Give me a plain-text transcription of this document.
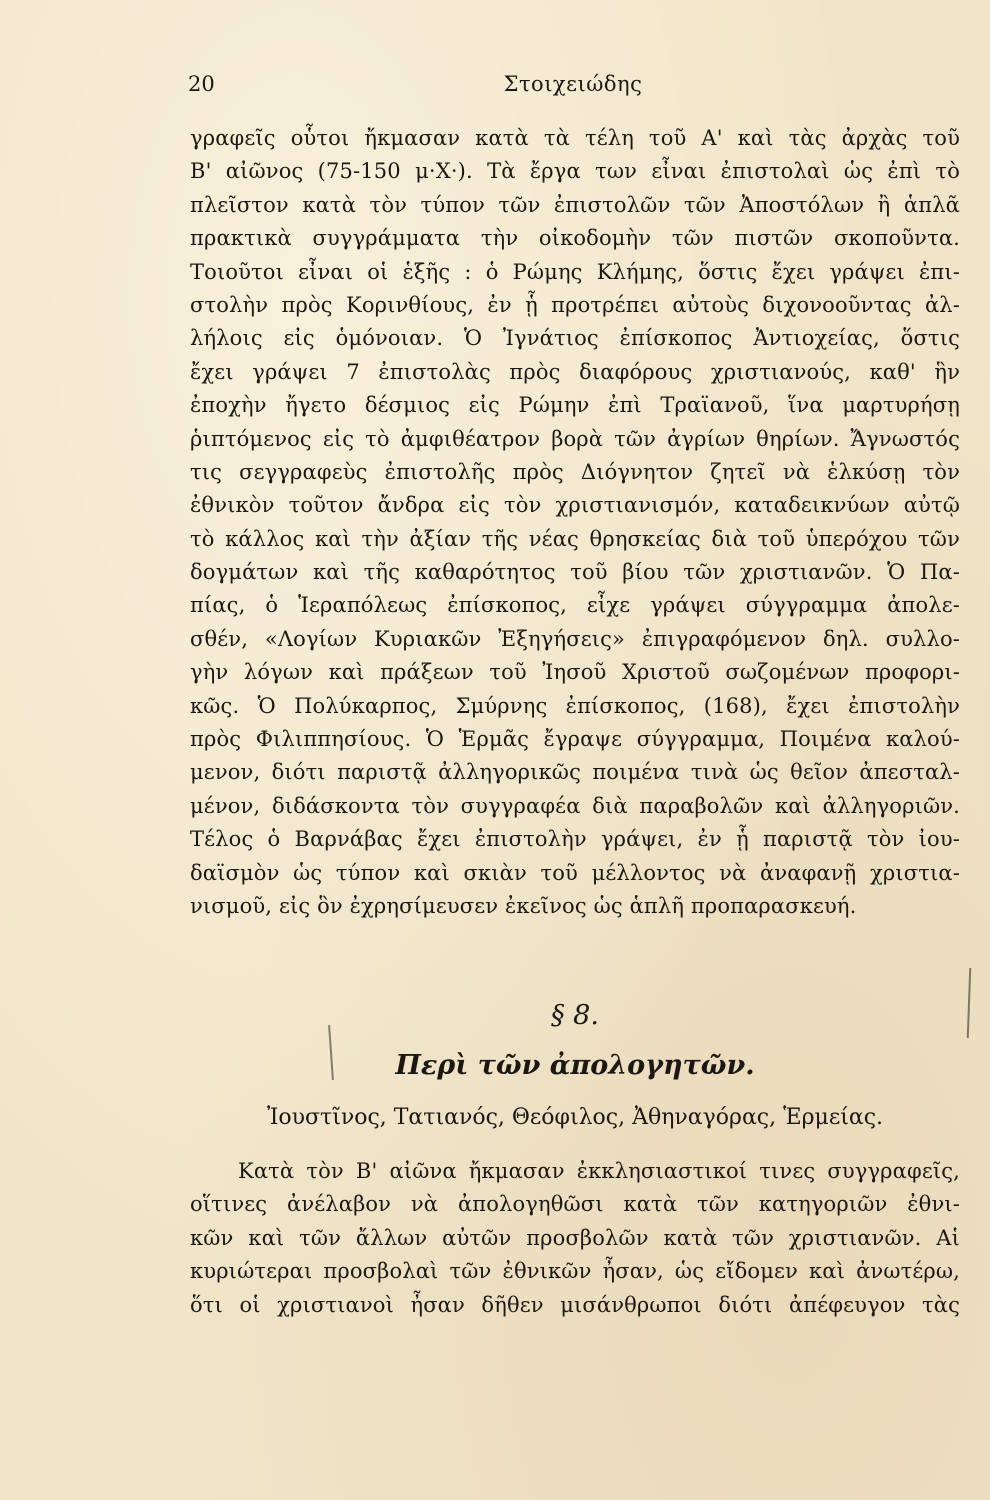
20	Στοιχειώδης
γραφεῖς οὗτοι ἤκμασαν κατὰ τὰ τέλη τοῦ Α' καὶ τὰς ἀρχὰς τοῦ
Β' αἰῶνος (75-150 μ·Χ·). Τὰ ἔργα των εἶναι ἐπιστολαὶ ὡς ἐπὶ τὸ
πλεῖστον κατὰ τὸν τύπον τῶν ἐπιστολῶν τῶν Ἀποστόλων ἢ ἁπλᾶ
πρακτικὰ συγγράμματα τὴν οἰκοδομὴν τῶν πιστῶν σκοποῦντα.
Τοιοῦτοι εἶναι οἱ ἑξῆς : ὁ Ρώμης Κλήμης, ὅστις ἔχει γράψει ἐπι-
στολὴν πρὸς Κορινθίους, ἐν ᾗ προτρέπει αὐτοὺς διχονοοῦντας ἀλ-
λήλοις εἰς ὁμόνοιαν. Ὁ Ἰγνάτιος ἐπίσκοπος Ἀντιοχείας, ὅστις
ἔχει γράψει 7 ἐπιστολὰς πρὸς διαφόρους χριστιανούς, καθ' ἣν
ἐποχὴν ἤγετο δέσμιος εἰς Ρώμην ἐπὶ Τραϊανοῦ, ἵνα μαρτυρήσῃ
ῥιπτόμενος εἰς τὸ ἀμφιθέατρον βορὰ τῶν ἀγρίων θηρίων. Ἄγνωστός
τις σεγγραφεὺς ἐπιστολῆς πρὸς Διόγνητον ζητεῖ νὰ ἑλκύσῃ τὸν
ἐθνικὸν τοῦτον ἄνδρα εἰς τὸν χριστιανισμόν, καταδεικνύων αὐτῷ
τὸ κάλλος καὶ τὴν ἀξίαν τῆς νέας θρησκείας διὰ τοῦ ὑπερόχου τῶν
δογμάτων καὶ τῆς καθαρότητος τοῦ βίου τῶν χριστιανῶν. Ὁ Πα-
πίας, ὁ Ἱεραπόλεως ἐπίσκοπος, εἶχε γράψει σύγγραμμα ἀπολε-
σθέν, «Λογίων Κυριακῶν Ἐξηγήσεις» ἐπιγραφόμενον δηλ. συλλο-
γὴν λόγων καὶ πράξεων τοῦ Ἰησοῦ Χριστοῦ σωζομένων προφορι-
κῶς. Ὁ Πολύκαρπος, Σμύρνης ἐπίσκοπος, (168), ἔχει ἐπιστολὴν
πρὸς Φιλιππησίους. Ὁ Ἑρμᾶς ἔγραψε σύγγραμμα, Ποιμένα καλού-
μενον, διότι παριστᾷ ἀλληγορικῶς ποιμένα τινὰ ὡς θεῖον ἀπεσταλ-
μένον, διδάσκοντα τὸν συγγραφέα διὰ παραβολῶν καὶ ἀλληγοριῶν.
Τέλος ὁ Βαρνάβας ἔχει ἐπιστολὴν γράψει, ἐν ᾗ παριστᾷ τὸν ἰου-
δαϊσμὸν ὡς τύπον καὶ σκιὰν τοῦ μέλλοντος νὰ ἀναφανῇ χριστια-
νισμοῦ, εἰς ὃν ἐχρησίμευσεν ἐκεῖνος ὡς ἁπλῆ προπαρασκευή.
§ 8.
Περὶ τῶν ἀπολογητῶν.
Ἰουστῖνος, Τατιανός, Θεόφιλος, Ἀθηναγόρας, Ἑρμείας.
Κατὰ τὸν Β' αἰῶνα ἤκμασαν ἐκκλησιαστικοί τινες συγγραφεῖς,
οἵτινες ἀνέλαβον νὰ ἀπολογηθῶσι κατὰ τῶν κατηγοριῶν ἐθνι-
κῶν καὶ τῶν ἄλλων αὐτῶν προσβολῶν κατὰ τῶν χριστιανῶν. Αἱ
κυριώτεραι προσβολαὶ τῶν ἐθνικῶν ἦσαν, ὡς εἴδομεν καὶ ἀνωτέρω,
ὅτι οἱ χριστιανοὶ ἦσαν δῆθεν μισάνθρωποι διότι ἀπέφευγον τὰς
